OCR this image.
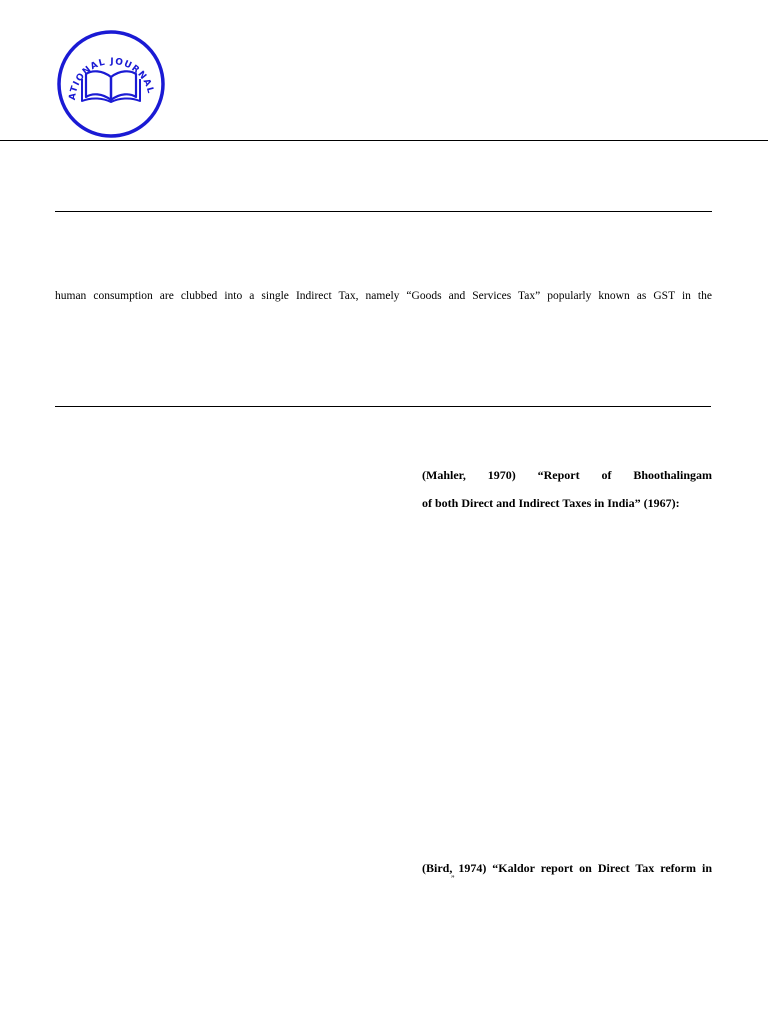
ATIONAL JOURNAL
human consumption are clubbed into a single Indirect Tax, namely “Goods and Services Tax” popularly known as GST in the
(Mahler, 1970) “Report of Bhoothalingam
of both Direct and Indirect Taxes in India” (1967):
(Bird, 1974) “Kaldor report on Direct Tax reform in
”
